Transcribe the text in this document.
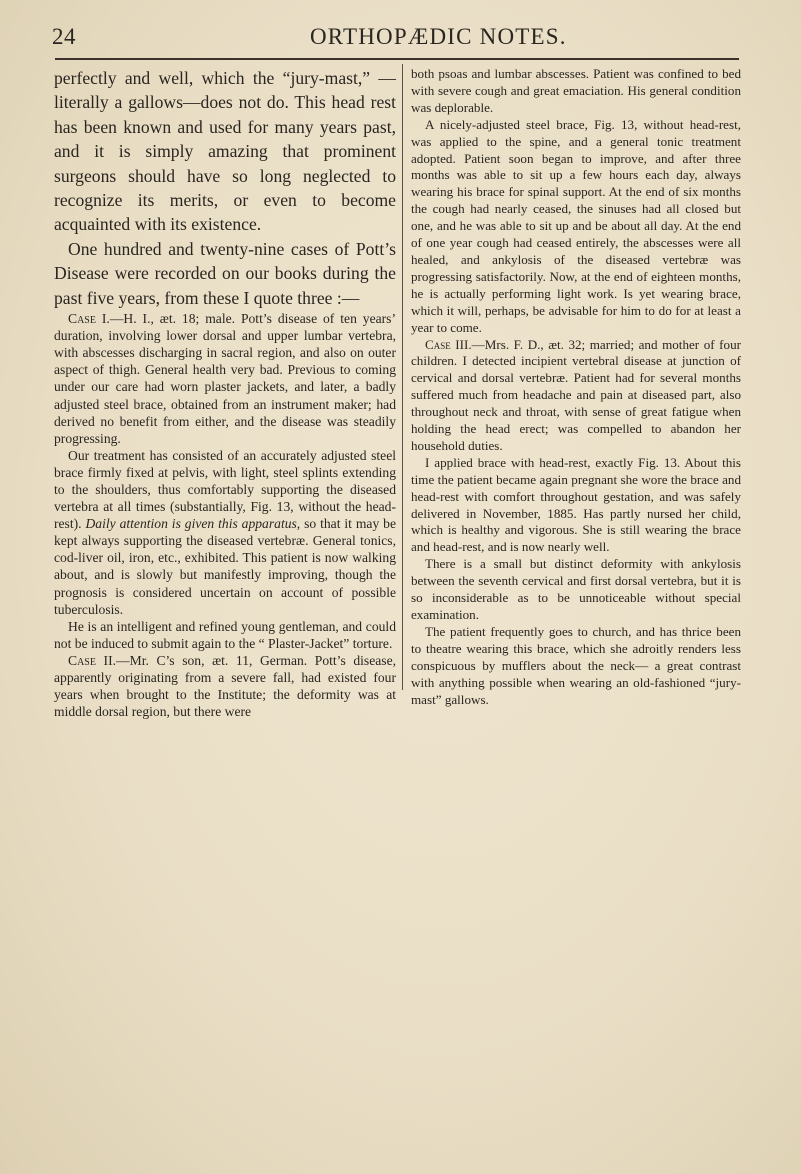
24	ORTHOPÆDIC NOTES.

perfectly and well, which the “jury-mast,” —literally a gallows—does not do. This head rest has been known and used for many years past, and it is simply amazing that prominent surgeons should have so long neglected to recognize its merits, or even to become acquainted with its existence.

One hundred and twenty-nine cases of Pott’s Disease were recorded on our books during the past five years, from these I quote three :—

Case I.—H. I., æt. 18; male. Pott’s disease of ten years’ duration, involving lower dorsal and upper lumbar vertebra, with abscesses discharging in sacral region, and also on outer aspect of thigh. General health very bad. Previous to coming under our care had worn plaster jackets, and later, a badly adjusted steel brace, obtained from an instrument maker; had derived no benefit from either, and the disease was steadily progressing.

Our treatment has consisted of an accurately adjusted steel brace firmly fixed at pelvis, with light, steel splints extending to the shoulders, thus comfortably supporting the diseased vertebra at all times (substantially, Fig. 13, without the head-rest). Daily attention is given this apparatus, so that it may be kept always supporting the diseased vertebræ. General tonics, cod-liver oil, iron, etc., exhibited. This patient is now walking about, and is slowly but manifestly improving, though the prognosis is considered uncertain on account of possible tuberculosis.

He is an intelligent and refined young gentleman, and could not be induced to submit again to the “ Plaster-Jacket” torture.

Case II.—Mr. C’s son, æt. 11, German. Pott’s disease, apparently originating from a severe fall, had existed four years when brought to the Institute; the deformity was at middle dorsal region, but there were

both psoas and lumbar abscesses. Patient was confined to bed with severe cough and great emaciation. His general condition was deplorable.

A nicely-adjusted steel brace, Fig. 13, without head-rest, was applied to the spine, and a general tonic treatment adopted. Patient soon began to improve, and after three months was able to sit up a few hours each day, always wearing his brace for spinal support. At the end of six months the cough had nearly ceased, the sinuses had all closed but one, and he was able to sit up and be about all day. At the end of one year cough had ceased entirely, the abscesses were all healed, and ankylosis of the diseased vertebræ was progressing satisfactorily. Now, at the end of eighteen months, he is actually performing light work. Is yet wearing brace, which it will, perhaps, be advisable for him to do for at least a year to come.

Case III.—Mrs. F. D., æt. 32; married; and mother of four children. I detected incipient vertebral disease at junction of cervical and dorsal vertebræ. Patient had for several months suffered much from headache and pain at diseased part, also throughout neck and throat, with sense of great fatigue when holding the head erect; was compelled to abandon her household duties.

I applied brace with head-rest, exactly Fig. 13. About this time the patient became again pregnant she wore the brace and head-rest with comfort throughout gestation, and was safely delivered in November, 1885. Has partly nursed her child, which is healthy and vigorous. She is still wearing the brace and head-rest, and is now nearly well.

There is a small but distinct deformity with ankylosis between the seventh cervical and first dorsal vertebra, but it is so inconsiderable as to be unnoticeable without special examination.

The patient frequently goes to church, and has thrice been to theatre wearing this brace, which she adroitly renders less conspicuous by mufflers about the neck— a great contrast with anything possible when wearing an old-fashioned “jury-mast” gallows.
